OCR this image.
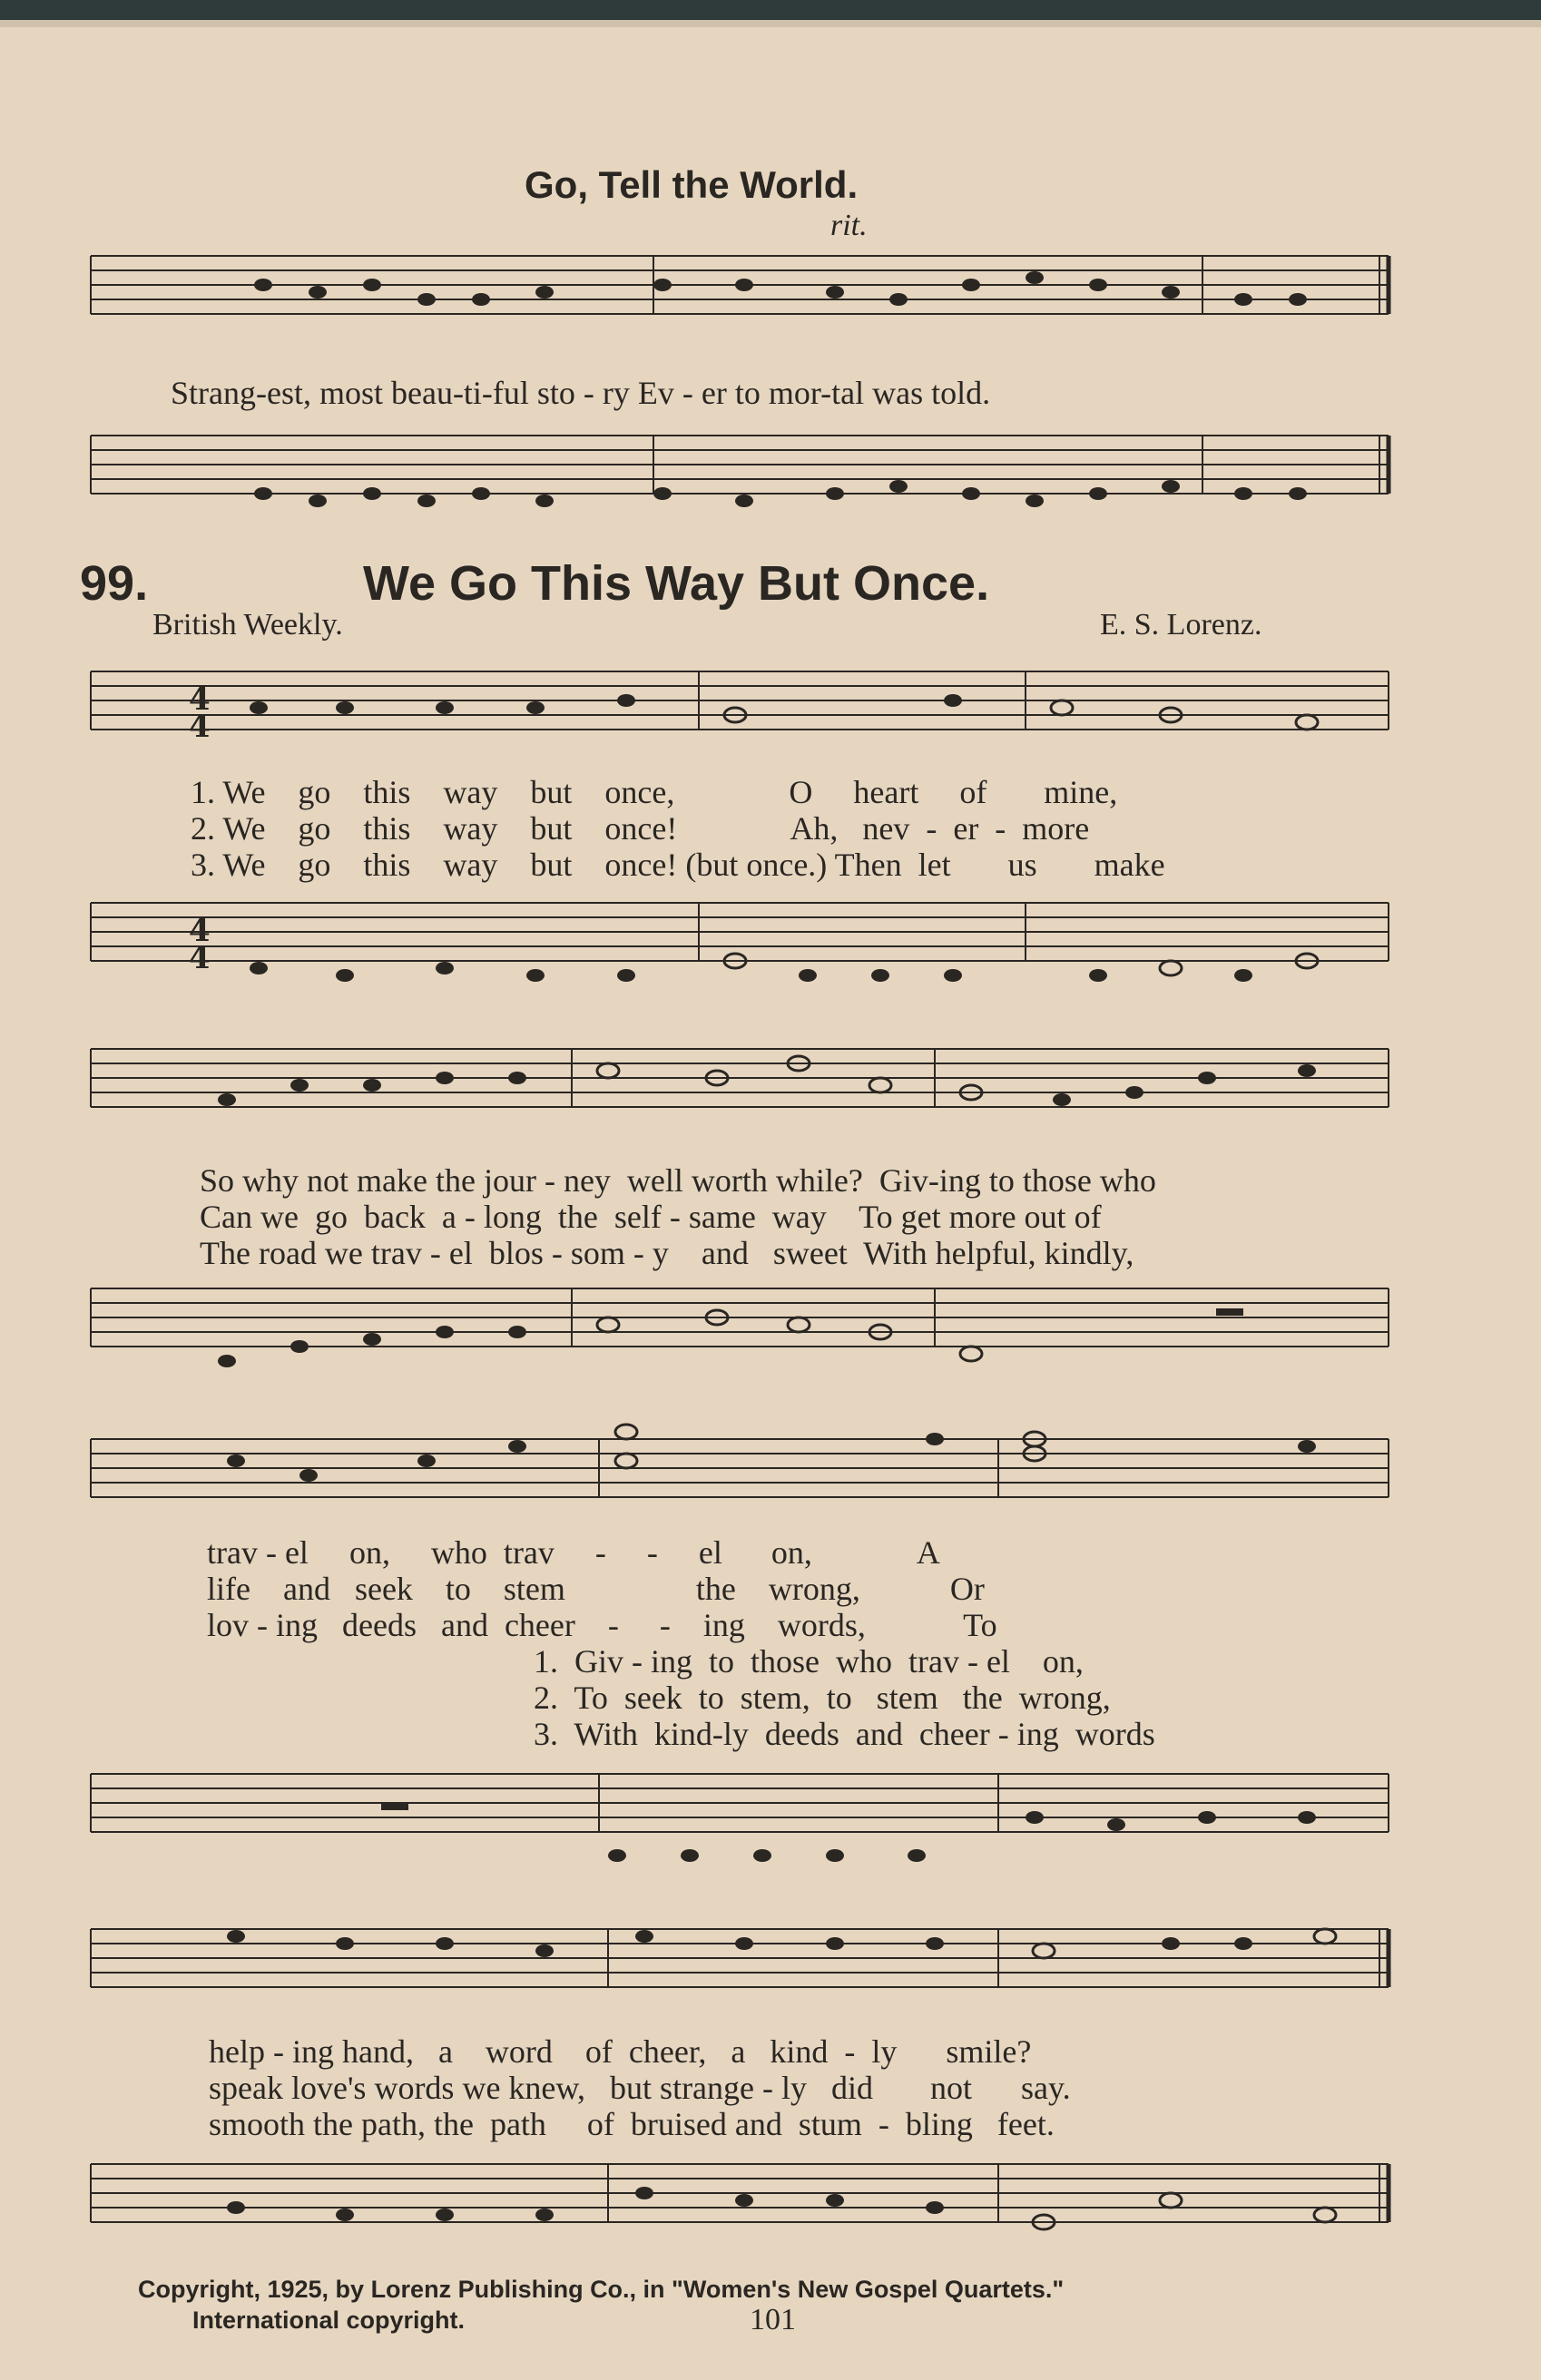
Go, Tell the World.
rit.
Strang-est, most beau-ti-ful sto - ry Ev - er to mor-tal was told.
99.	We Go This Way But Once.
British Weekly.	E. S. Lorenz.
4
4
1. We    go    this    way    but    once,              O     heart     of       mine,
2. We    go    this    way    but    once!              Ah,   nev  -  er  -  more
3. We    go    this    way    but    once! (but once.) Then  let       us       make
4
4
So why not make the jour - ney  well worth while?  Giv-ing to those who
Can we  go  back  a - long  the  self - same  way    To get more out of
The road we trav - el  blos - som - y    and   sweet  With helpful, kindly,
trav - el     on,     who  trav     -     -     el      on,             A
life    and   seek    to    stem                the    wrong,           Or
lov - ing   deeds   and  cheer    -     -    ing    words,            To
1.  Giv - ing  to  those  who  trav - el    on,
2.  To  seek  to  stem,  to   stem   the  wrong,
3.  With  kind-ly  deeds  and  cheer - ing  words
help - ing hand,   a    word    of  cheer,   a   kind  -  ly      smile?
speak love's words we knew,   but strange - ly   did       not      say.
smooth the path, the  path     of  bruised and  stum  -  bling   feet.
Copyright, 1925, by Lorenz Publishing Co., in "Women's New Gospel Quartets."
International copyright.	101
